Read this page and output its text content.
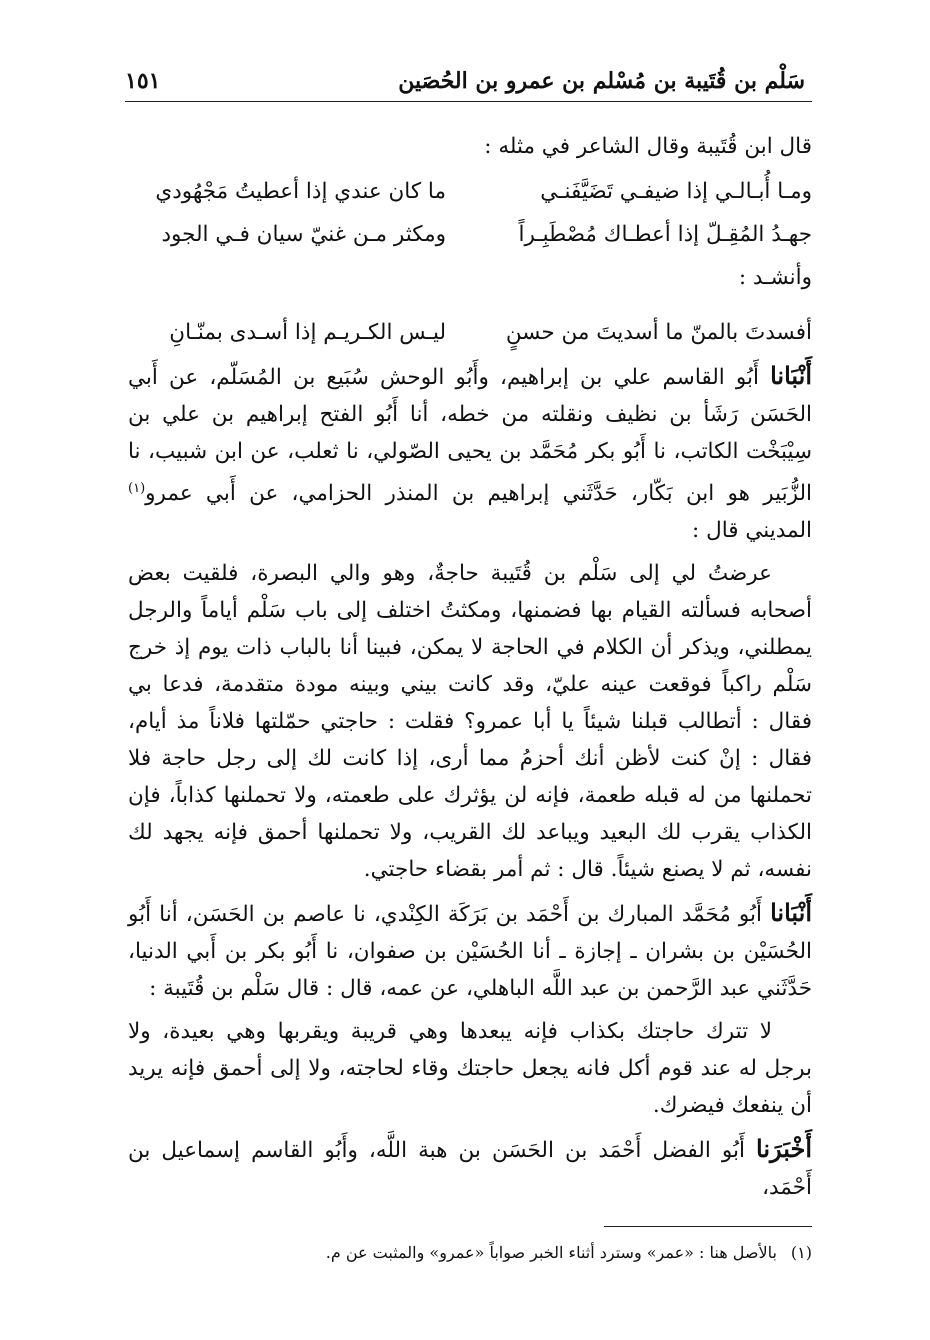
سَلْم بن قُتَيبة بن مُسْلم بن عمرو بن الحُصَين
١٥١

قال ابن قُتَيبة وقال الشاعر في مثله :

ومـا أُبـالـي إذا ضيفـي تَضَيَّفَنـي
ما كان عندي إذا أعطيتُ مَجْهُودي
جهـدُ المُقِـلّ إذا أعطـاك مُصْطَبِـراً
ومكثر مـن غنيّ سيان فـي الجود

وأنشـد :

أفسدتَ بالمنّ ما أسديتَ من حسنٍ
ليـس الكـريـم إذا أسـدى بمنّـانِ

أَنْبَانا أَبُو القاسم علي بن إبراهيم، وأَبُو الوحش سُبَيع بن المُسَلّم، عن أَبي الحَسَن رَشَأ بن نظيف ونقلته من خطه، أنا أَبُو الفتح إبراهيم بن علي بن سِيْبَخْت الكاتب، نا أَبُو بكر مُحَمَّد بن يحيى الصّولي، نا ثعلب، عن ابن شبيب، نا الزُّبَير هو ابن بَكّار، حَدَّثَني إبراهيم بن المنذر الحزامي، عن أَبي عمرو$^{(١)}$ المديني قال :

عرضتُ لي إلى سَلْم بن قُتَيبة حاجةٌ، وهو والي البصرة، فلقيت بعض أصحابه فسألته القيام بها فضمنها، ومكثتُ اختلف إلى باب سَلْم أياماً والرجل يمطلني، ويذكر أن الكلام في الحاجة لا يمكن، فبينا أنا بالباب ذات يوم إذ خرج سَلْم راكباً فوقعت عينه عليّ، وقد كانت بيني وبينه مودة متقدمة، فدعا بي فقال : أتطالب قبلنا شيئاً يا أبا عمرو؟ فقلت : حاجتي حمّلتها فلاناً مذ أيام، فقال : إنْ كنت لأظن أنك أحزمُ مما أرى، إذا كانت لك إلى رجل حاجة فلا تحملنها من له قبله طعمة، فإنه لن يؤثرك على طعمته، ولا تحملنها كذاباً، فإن الكذاب يقرب لك البعيد ويباعد لك القريب، ولا تحملنها أحمق فإنه يجهد لك نفسه، ثم لا يصنع شيئاً. قال : ثم أمر بقضاء حاجتي.

أَنْبَانا أَبُو مُحَمَّد المبارك بن أَحْمَد بن بَرَكَة الكِنْدي، نا عاصم بن الحَسَن، أنا أَبُو الحُسَيْن بن بشران ـ إجازة ـ أنا الحُسَيْن بن صفوان، نا أَبُو بكر بن أَبي الدنيا، حَدَّثَني عبد الرَّحمن بن عبد اللَّه الباهلي، عن عمه، قال : قال سَلْم بن قُتَيبة :

لا تترك حاجتك بكذاب فإنه يبعدها وهي قريبة ويقربها وهي بعيدة، ولا برجل له عند قوم أكل فانه يجعل حاجتك وقاء لحاجته، ولا إلى أحمق فإنه يريد أن ينفعك فيضرك.

أَخْبَرَنا أَبُو الفضل أَحْمَد بن الحَسَن بن هبة اللَّه، وأَبُو القاسم إسماعيل بن أَحْمَد،

(١)بالأصل هنا : «عمر» وسترد أثناء الخبر صواباً «عمرو» والمثبت عن م.
